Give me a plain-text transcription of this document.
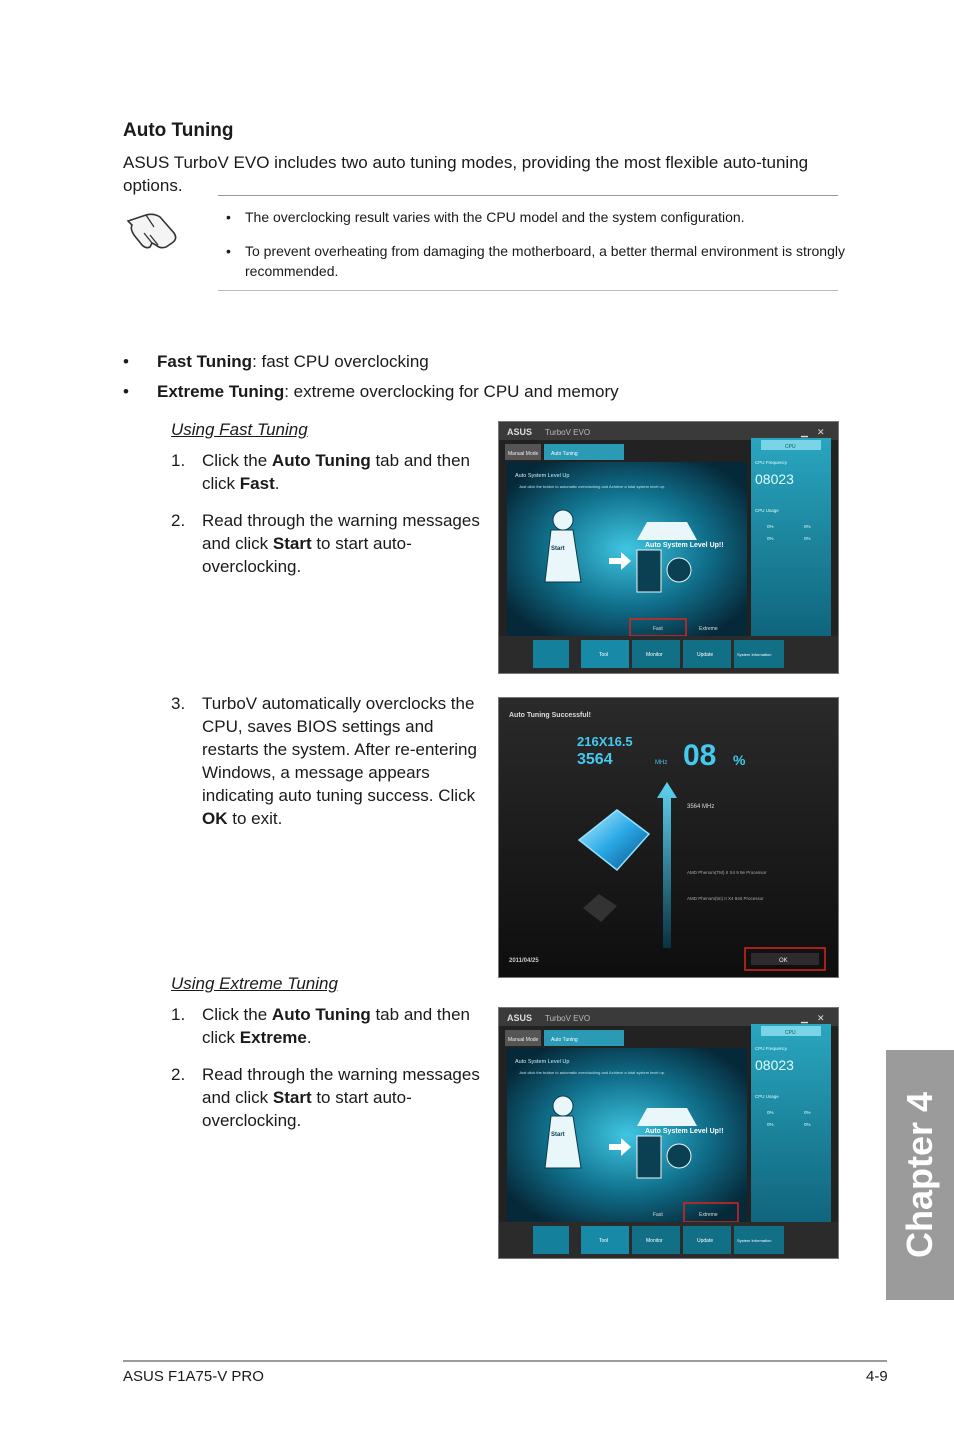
Auto Tuning
ASUS TurboV EVO includes two auto tuning modes, providing the most flexible auto-tuning options.
• The overclocking result varies with the CPU model and the system configuration.
• To prevent overheating from damaging the motherboard, a better thermal environment is strongly recommended.
• Fast Tuning: fast CPU overclocking
• Extreme Tuning: extreme overclocking for CPU and memory
Using Fast Tuning
1. Click the Auto Tuning tab and then click Fast.
2. Read through the warning messages and click Start to start auto-overclocking.
3. TurboV automatically overclocks the CPU, saves BIOS settings and restarts the system. After re-entering Windows, a message appears indicating auto tuning success. Click OK to exit.
Using Extreme Tuning
1. Click the Auto Tuning tab and then click Extreme.
2. Read through the warning messages and click Start to start auto-overclocking.
ASUS TurboV EVO	▁ ✕
Manual Mode	Auto Tuning
Auto System Level Up
Just click the button to automatic overclocking and Achieve a total system level up.
Start	Auto System Level Up!!
Fast	Extreme
CPU
CPU Frequency
08023
CPU Usage
0%	0%
0%	0%
Tool	Monitor	Update	System Information
Auto Tuning Successful!
216X16.5
3564	MHz 08 %
3564 MHz
AMD Phenom(TM) II X4 9 9e Processor
AMD Phenom(tm) II X4 840 Processor
2011/04/25	OK
ASUS TurboV EVO	▁ ✕
Manual Mode	Auto Tuning
Auto System Level Up
Just click the button to automatic overclocking and Achieve a total system level up.
Start	Auto System Level Up!!
Fast	Extreme
CPU
CPU Frequency
08023
CPU Usage
0%	0%
0%	0%
Tool	Monitor	Update	System Information	Chapter 4
ASUS F1A75-V PRO	4-9
